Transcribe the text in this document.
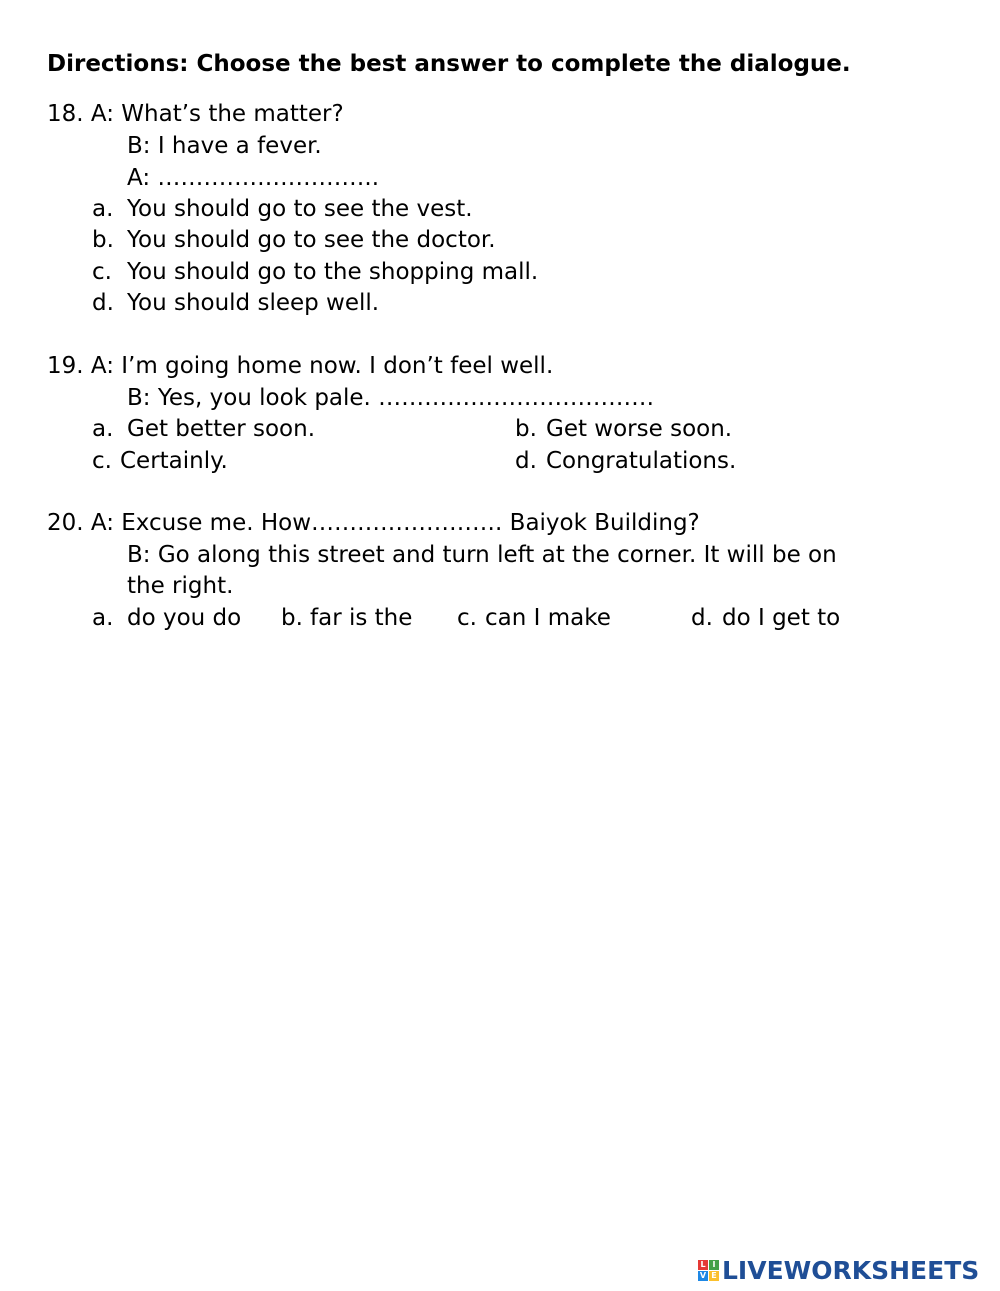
Directions: Choose the best answer to complete the dialogue.
18. A: What’s the matter?
B: I have a fever.
A: ………………………..
a. You should go to see the vest.
b. You should go to see the doctor.
c. You should go to the shopping mall.
d. You should sleep well.
19. A: I’m going home now. I don’t feel well.
B: Yes, you look pale. ………………………………
a. Get better soon.	b. Get worse soon.
c. Certainly.	d. Congratulations.
20. A: Excuse me. How……………………. Baiyok Building?
B: Go along this street and turn left at the corner. It will be on
the right.
a. do you do b. far is the c. can I make	d. do I get to
L I
V E LIVEWORKSHEETS
